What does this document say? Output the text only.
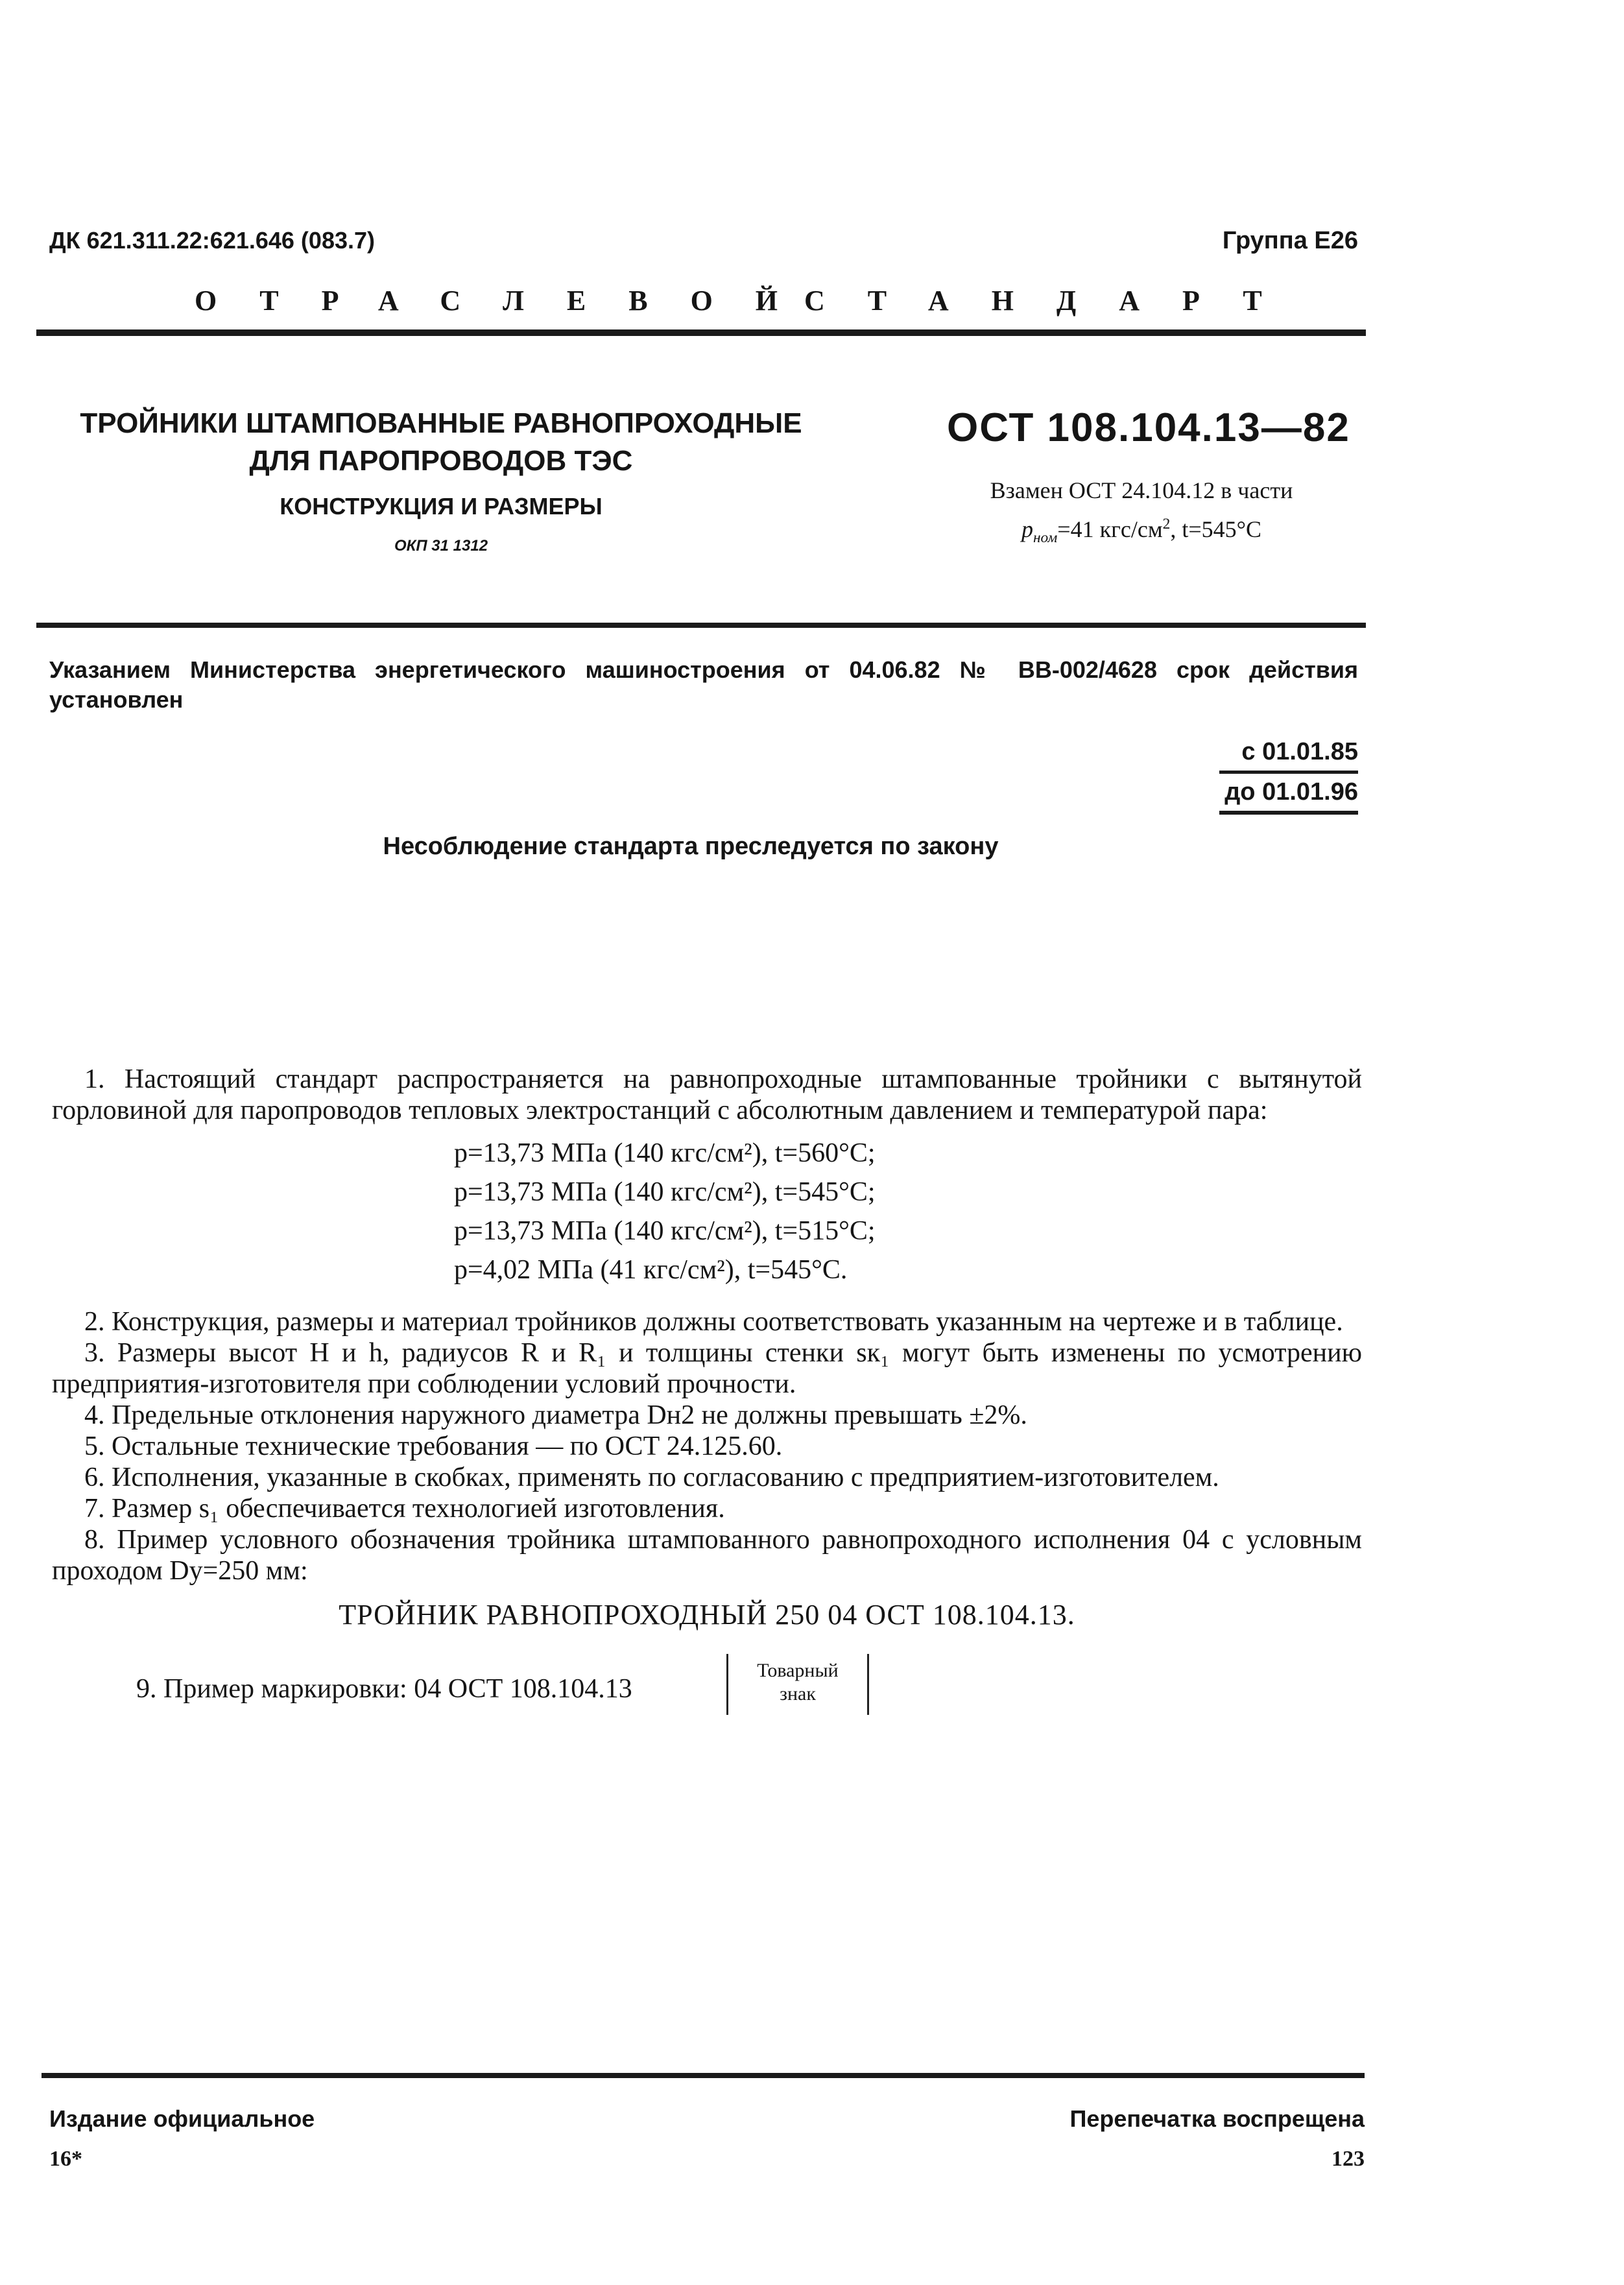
ДК 621.311.22:621.646 (083.7)	Группа Е26
ОТРАСЛЕВОЙ
СТАНДАРТ
ТРОЙНИКИ ШТАМПОВАННЫЕ РАВНОПРОХОДНЫЕ
ДЛЯ ПАРОПРОВОДОВ ТЭС
КОНСТРУКЦИЯ И РАЗМЕРЫ
ОКП 31 1312
ОСТ 108.104.13—82
Взамен ОСТ 24.104.12 в части
$p_{ном}=41$ кгс/$см^2$, t=545°C
Указанием Министерства энергетического машиностроения от 04.06.82 № ВВ-002/4628 срок действия установлен
с 01.01.85
до 01.01.96
Несоблюдение стандарта преследуется по закону

1. Настоящий стандарт распространяется на равнопроходные штампованные тройники с вытянутой горловиной для паропроводов тепловых электростанций с абсолютным давлением и температурой пара:

p=13,73 МПа (140 кгс/см²), t=560°C;

p=13,73 МПа (140 кгс/см²), t=545°C;

p=13,73 МПа (140 кгс/см²), t=515°C;

p=4,02 МПа (41 кгс/см²), t=545°C.

2. Конструкция, размеры и материал тройников должны соответствовать указанным на чертеже и в таблице.

3. Размеры высот H и h, радиусов R и R₁ и толщины стенки sк₁ могут быть изменены по усмотрению предприятия-изготовителя при соблюдении условий прочности.

4. Предельные отклонения наружного диаметра Dн2 не должны превышать ±2%.

5. Остальные технические требования — по ОСТ 24.125.60.

6. Исполнения, указанные в скобках, применять по согласованию с предприятием-изготовителем.

7. Размер s₁ обеспечивается технологией изготовления.

8. Пример условного обозначения тройника штампованного равнопроходного исполнения 04 с условным проходом Dу=250 мм:

ТРОЙНИК РАВНОПРОХОДНЫЙ 250 04 ОСТ 108.104.13.
9. Пример маркировки: 04 ОСТ 108.104.13
Товарный
знак
Издание официальное	Перепечатка воспрещена
16*	123
